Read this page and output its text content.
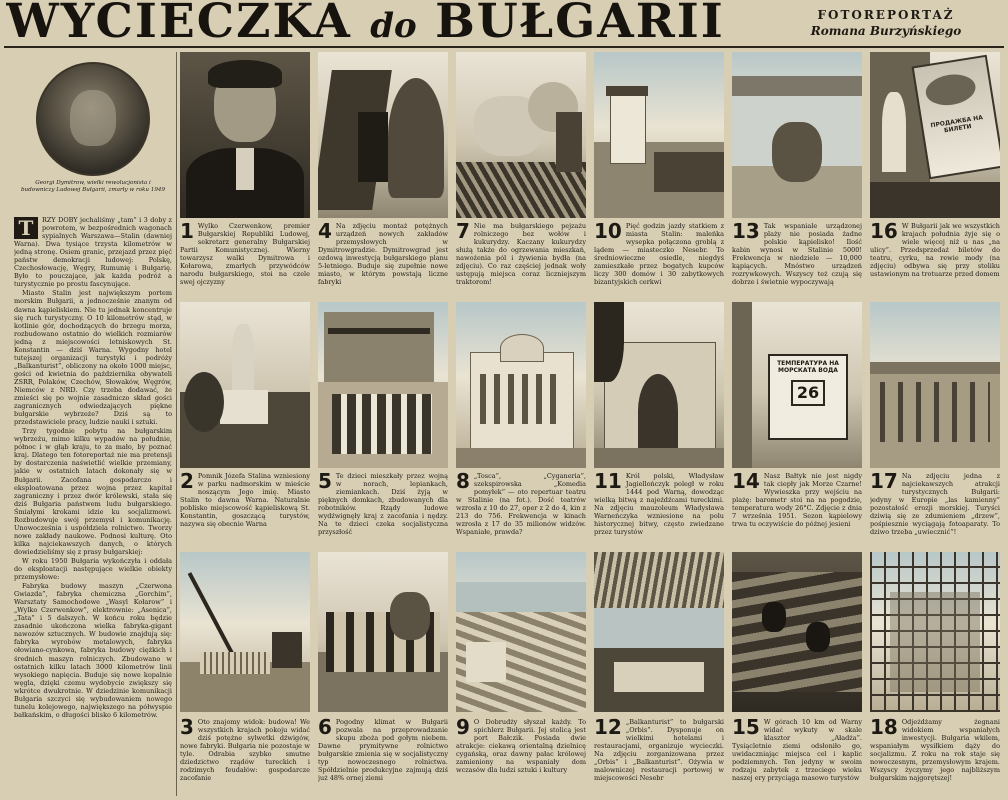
WYCIECZKA do BUŁGARII	FOTOREPORTAŻ
Romana Burzyńskiego
Georgi Dymitrow, wielki rewolucjonista i budowniczy Ludowej Bułgarii, zmarły w roku 1949

T	RZY DOBY jechaliśmy „tam” i 3 doby z powrotem, w bezpośrednich wagonach sypialnych Warszawa—Stalin (dawniej Warna). Dwa tysiące trzysta kilometrów w jedną stronę. Osiem granic, przejazd przez pięć państw demokracji ludowej: Polskę, Czechosłowację, Węgry, Rumunię i Bułgarię. Było to pouczające, jak każda podróż a turystycznie po prostu fascynujące.

Miasto Stalin jest największym portem morskim Bułgarii, a jednocześnie znanym od dawna kąpieliskiem. Nie tu jednak koncentruje się ruch turystyczny. O 10 kilometrów stąd, w kotlinie gór, dochodzących do brzegu morza, rozbudowano ostatnio do wielkich rozmiarów jedną z miejscowości letniskowych St. Konstantin — dziś Warna. Wygodny hotel tutejszej organizacji turystyki i podróży „Balkanturist”, obliczony na około 1000 miejsc, gości od kwietnia do października obywateli ZSRR, Polaków, Czechów, Słowaków, Węgrów, Niemców z NRD. Czy trzeba dodawać, że zmieści się po wojnie zasadniczo skład gości zagranicznych odwiedzających piękne bułgarskie wybrzeże? Dziś są to przedstawiciele pracy, ludzie nauki i sztuki.

Trzy tygodnie pobytu na bułgarskim wybrzeżu, mimo kilku wypadów na południe, północ i w głąb kraju, to za mało, by poznać kraj. Dlatego ten fotoreportaż nie ma pretensji by dostarczenia naświetlić wielkie przemiany, jakie w ostatnich latach dokonały się w Bułgarii. Zacofana gospodarczo i eksploatowana przez wojna przez kapitał zagraniczny i przez dwór królewski, stała się dziś Bułgaria państwem ludu bułgarskiego. Śmiałymi krokami idzie ku socjalizmowi. Rozbudowuje swój przemysł i komunikację. Unowocześnia i uspółdziela rolnictwo. Tworzy nowe zakłady naukowe. Podnosi kulturę. Oto kilka najciekawszych danych, o których dowiedzieliśmy się z prasy bułgarskiej:

W roku 1950 Bułgaria wykończyła i oddała do eksploatacji następujące wielkie obiekty przemysłowe:

Fabryka budowy maszyn „Czerwona Gwiazda”, fabryka chemiczna „Gorchim”, Warsztaty Samochodowe „Wasyl Kołarow” i „Wylko Czerwenkow”, elektrownie: „Asenica”, „Tata” i 5 dalszych. W końcu roku będzie zasadnie ukończona wielka fabryka-gigant nawozów sztucznych. W budowie znajdują się: fabryka wyrobów metalowych, fabryka ołowiano-cynkowa, fabryka budowy ciężkich i średnich maszyn rolniczych. Zbudowano w ostatnich kilku latach 3000 kilometrów linii wysokiego napięcia. Buduje się nowe kopalnie węgla, dzięki czemu wydobycie zwiększy się wkrótce dwukrotnie. W dziedzinie komunikacji Bułgaria szczyci się wybudowaniem nowego tunelu kolejowego, największego na półwyspie bałkańskim, o długości blisko 6 kilometrów.

1 Wylko Czerwenkow, premier Bułgarskiej Republiki Ludowej, sekretarz generalny Bułgarskiej Partii Komunistycznej. Wierny towarzysz walki Dymitrowa i Kołarowa, zmarłych przywódców narodu bułgarskiego, stoi na czele swej ojczyzny
2 Pomnik Józefa Stalina wzniesiony w parku nadmorskim w mieście noszącym Jego imię. Miasto Stalin to dawna Warna. Naturalnie poblisko miejscowość kąpieliskową St. Konstantin, goszczącą turystów, nazywa się obecnie Warna
3 Oto znajomy widok: budowa! We wszystkich krajach pokoju widać dziś potężne sylwetki dźwigów, nowe fabryki. Bułgaria nie pozostaje w tyle. Odrabia szybko smutne dziedzictwo rządów tureckich i rodzimych feudałów: gospodarcze zacofanie
4 Na zdjęciu montaż potężnych urządzeń nowych zakładów przemysłowych w Dymitrowgradzie. Dymitrowgrad jest ozdową inwestycją bułgarskiego planu 5-letniego. Buduje się zupełnie nowe miasto, w którym powstają liczne fabryki
5 Te dzieci mieszkały przez wojną w norach, lepiankach, ziemiankach. Dziś żyją w pięknych domkach, zbudowanych dla robotników. Rządy ludowe wydźwignęły kraj z zacofania i nędzy. Na te dzieci czeka socjalistyczna przyszłość
6 Pogodny klimat w Bułgarii pozwala na przeprowadzanie skupu zboża pod gołym niebem. Dawne prymitywne rolnictwo bułgarskie zmienia się w socjalistyczny typ nowoczesnego rolnictwa. Spółdzielnie produkcyjne zajmują dziś już 48% ornej ziemi
7 Nie ma bułgarskiego pejzażu rolniczego bez wołów i kukurydzy. Kaczany kukurydzy służą także do ogrzewania mieszkań, nawożenia pól i żywienia bydła (na zdjęciu). Co raz częściej jednak woły ustępują miejsca coraz liczniejszym traktorom!
8 „Tosca”, „Cyganeria”, szekspirowska „Komedia pomyłek” — oto repertuar teatru w Stalinie (na fot.). Dość teatrów wzrosła z 10 do 27, oper z 2 do 4, kin z 213 do 756. Frekwencja w kinach wzrosła z 17 do 35 milionów widzów. Wspaniałe, prawda?
9 O Dobrudży słyszał każdy. To spichlerz Bułgarii. Jej stolicą jest port Bałczik. Posiada dwie atrakcje: ciekawą orientalną dzielnicę cygańską, oraz dawny pałac królowej zamieniony na wspaniały dom wczasów dla ludzi sztuki i kultury
10 Pięć godzin jazdy statkiem z miasta Stalin: maleńka wysepka połączona groblą z lądem — miasteczko Nesebr. To średniowieczne osiedle, niegdyś zamieszkałe przez bogatych kupców liczy 300 domów i 30 zabytkowych bizantyjskich cerkwi
11 Król polski, Władysław Jagiellończyk poległ w roku 1444 pod Warną, dowodząc wielką bitwą z najeźdźcami tureckimi. Na zdjęciu mauzoleum Władysława Warneńczyka wzniesione na polu historycznej bitwy, często zwiedzane przez turystów
12 „Balkanturist” to bułgarski „Orbis”. Dysponuje on wielkimi hotelami i restauracjami, organizuje wycieczki. Na zdjęciu zorganizowana przez „Orbis” i „Balkanturist”. Ożywia w malowniczej restauracji portowej w miejscowości Nesebr
13 Tak wspaniale urządzonej plaży nie posiada żadne polskie kąpielisko! Ilość kabin wynosi w Stalinie 5000! Frekwencja w niedziele — 10,000 kąpiących. Mnóstwo urządzeń rozrywkowych. Wszyscy też czują się dobrze i świetnie wypoczywają
ТЕМПЕРАТУРА НА МОРСКАТА ВОДА
26
14 Nasz Bałtyk nie jest nigdy tak ciepły jak Morze Czarne! Wywieszka przy wejściu na plażę: barometr stoi na na pogodzie, temperatura wody 26°C. Zdjęcie z dnia 7 września 1951. Sezon kąpielowy trwa tu oczywiście do późnej jesieni
15 W górach 10 km od Warny widać wykuty w skale klasztor „Aładża”. Tysiącletnie ziemi odsłoniło go, uwidaczniając miejsca cel i kaplic podziemnych. Ten jedyny w swoim rodzaju zabytek z trzeciego wieku naszej ery przyciąga masowo turystów
ПРОДАЖБА НА БИЛЕТИ
16 W Bułgarii jak we wszystkich krajach południa żyje się o wiele więcej niż u nas „na ulicy”. Przedsprzedaż biletów do teatru, cyrku, na rewie mody (na zdjęciu) odbywa się przy stoliku ustawionym na trotuarze przed domem
17 Na zdjęciu jedna z najciekawszych atrakcji turystycznych Bułgarii: jedyny w Europie „las kamienny” pozostałość erozji morskiej. Turyści dziwią się ze zdumieniem „drzew”, pośpiesznie wyciągają fotoaparaty. To dziwo trzeba „uwiecznić”!
18 Odjeżdżamy żegnani widokiem wspaniałych inwestycji. Bułgaria wkilem, wspaniałym wysiłkiem dąży do socjalizmu. Z roku na rok staje się nowoczesnym, przemysłowym krajem. Wszyscy życzymy jego najbliższym bułgarskim najgorętszej!
